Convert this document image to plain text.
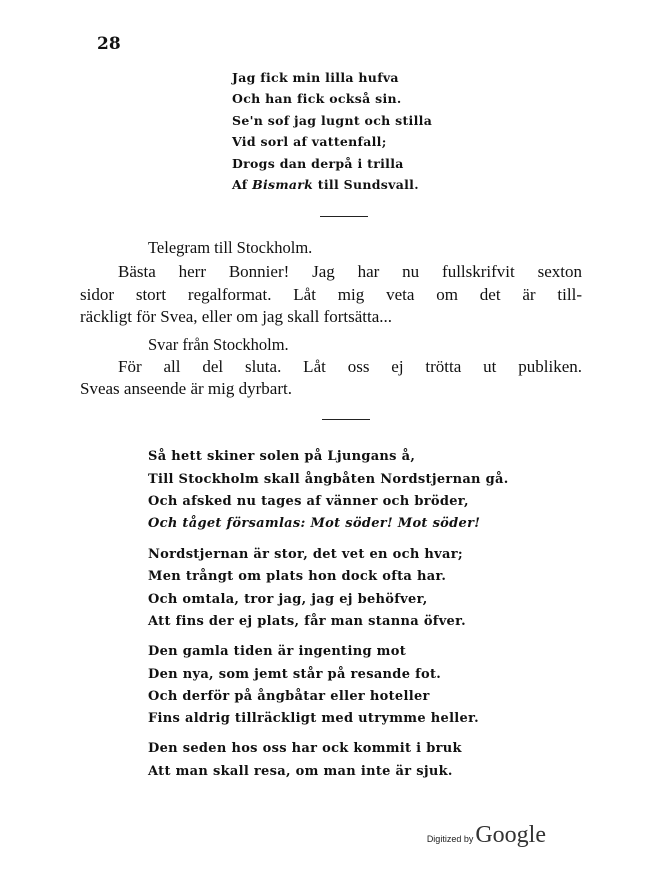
28
Jag fick min lilla hufva
Och han fick också sin.
Se'n sof jag lugnt och stilla
Vid sorl af vattenfall;
Drogs dan derpå i trilla
Af Bismark till Sundsvall.
Telegram till Stockholm.
Bästa herr Bonnier! Jag har nu fullskrifvit sexton
sidor stort regalformat. Låt mig veta om det är till-
räckligt för Svea, eller om jag skall fortsätta...
Svar från Stockholm.
För all del sluta. Låt oss ej trötta ut publiken.
Sveas anseende är mig dyrbart.
Så hett skiner solen på Ljungans å,
Till Stockholm skall ångbåten Nordstjernan gå.
Och afsked nu tages af vänner och bröder,
Och tåget församlas: Mot söder! Mot söder!
Nordstjernan är stor, det vet en och hvar;
Men trångt om plats hon dock ofta har.
Och omtala, tror jag, jag ej behöfver,
Att fins der ej plats, får man stanna öfver.
Den gamla tiden är ingenting mot
Den nya, som jemt står på resande fot.
Och derför på ångbåtar eller hoteller
Fins aldrig tillräckligt med utrymme heller.
Den seden hos oss har ock kommit i bruk
Att man skall resa, om man inte är sjuk.
Digitized by Google
